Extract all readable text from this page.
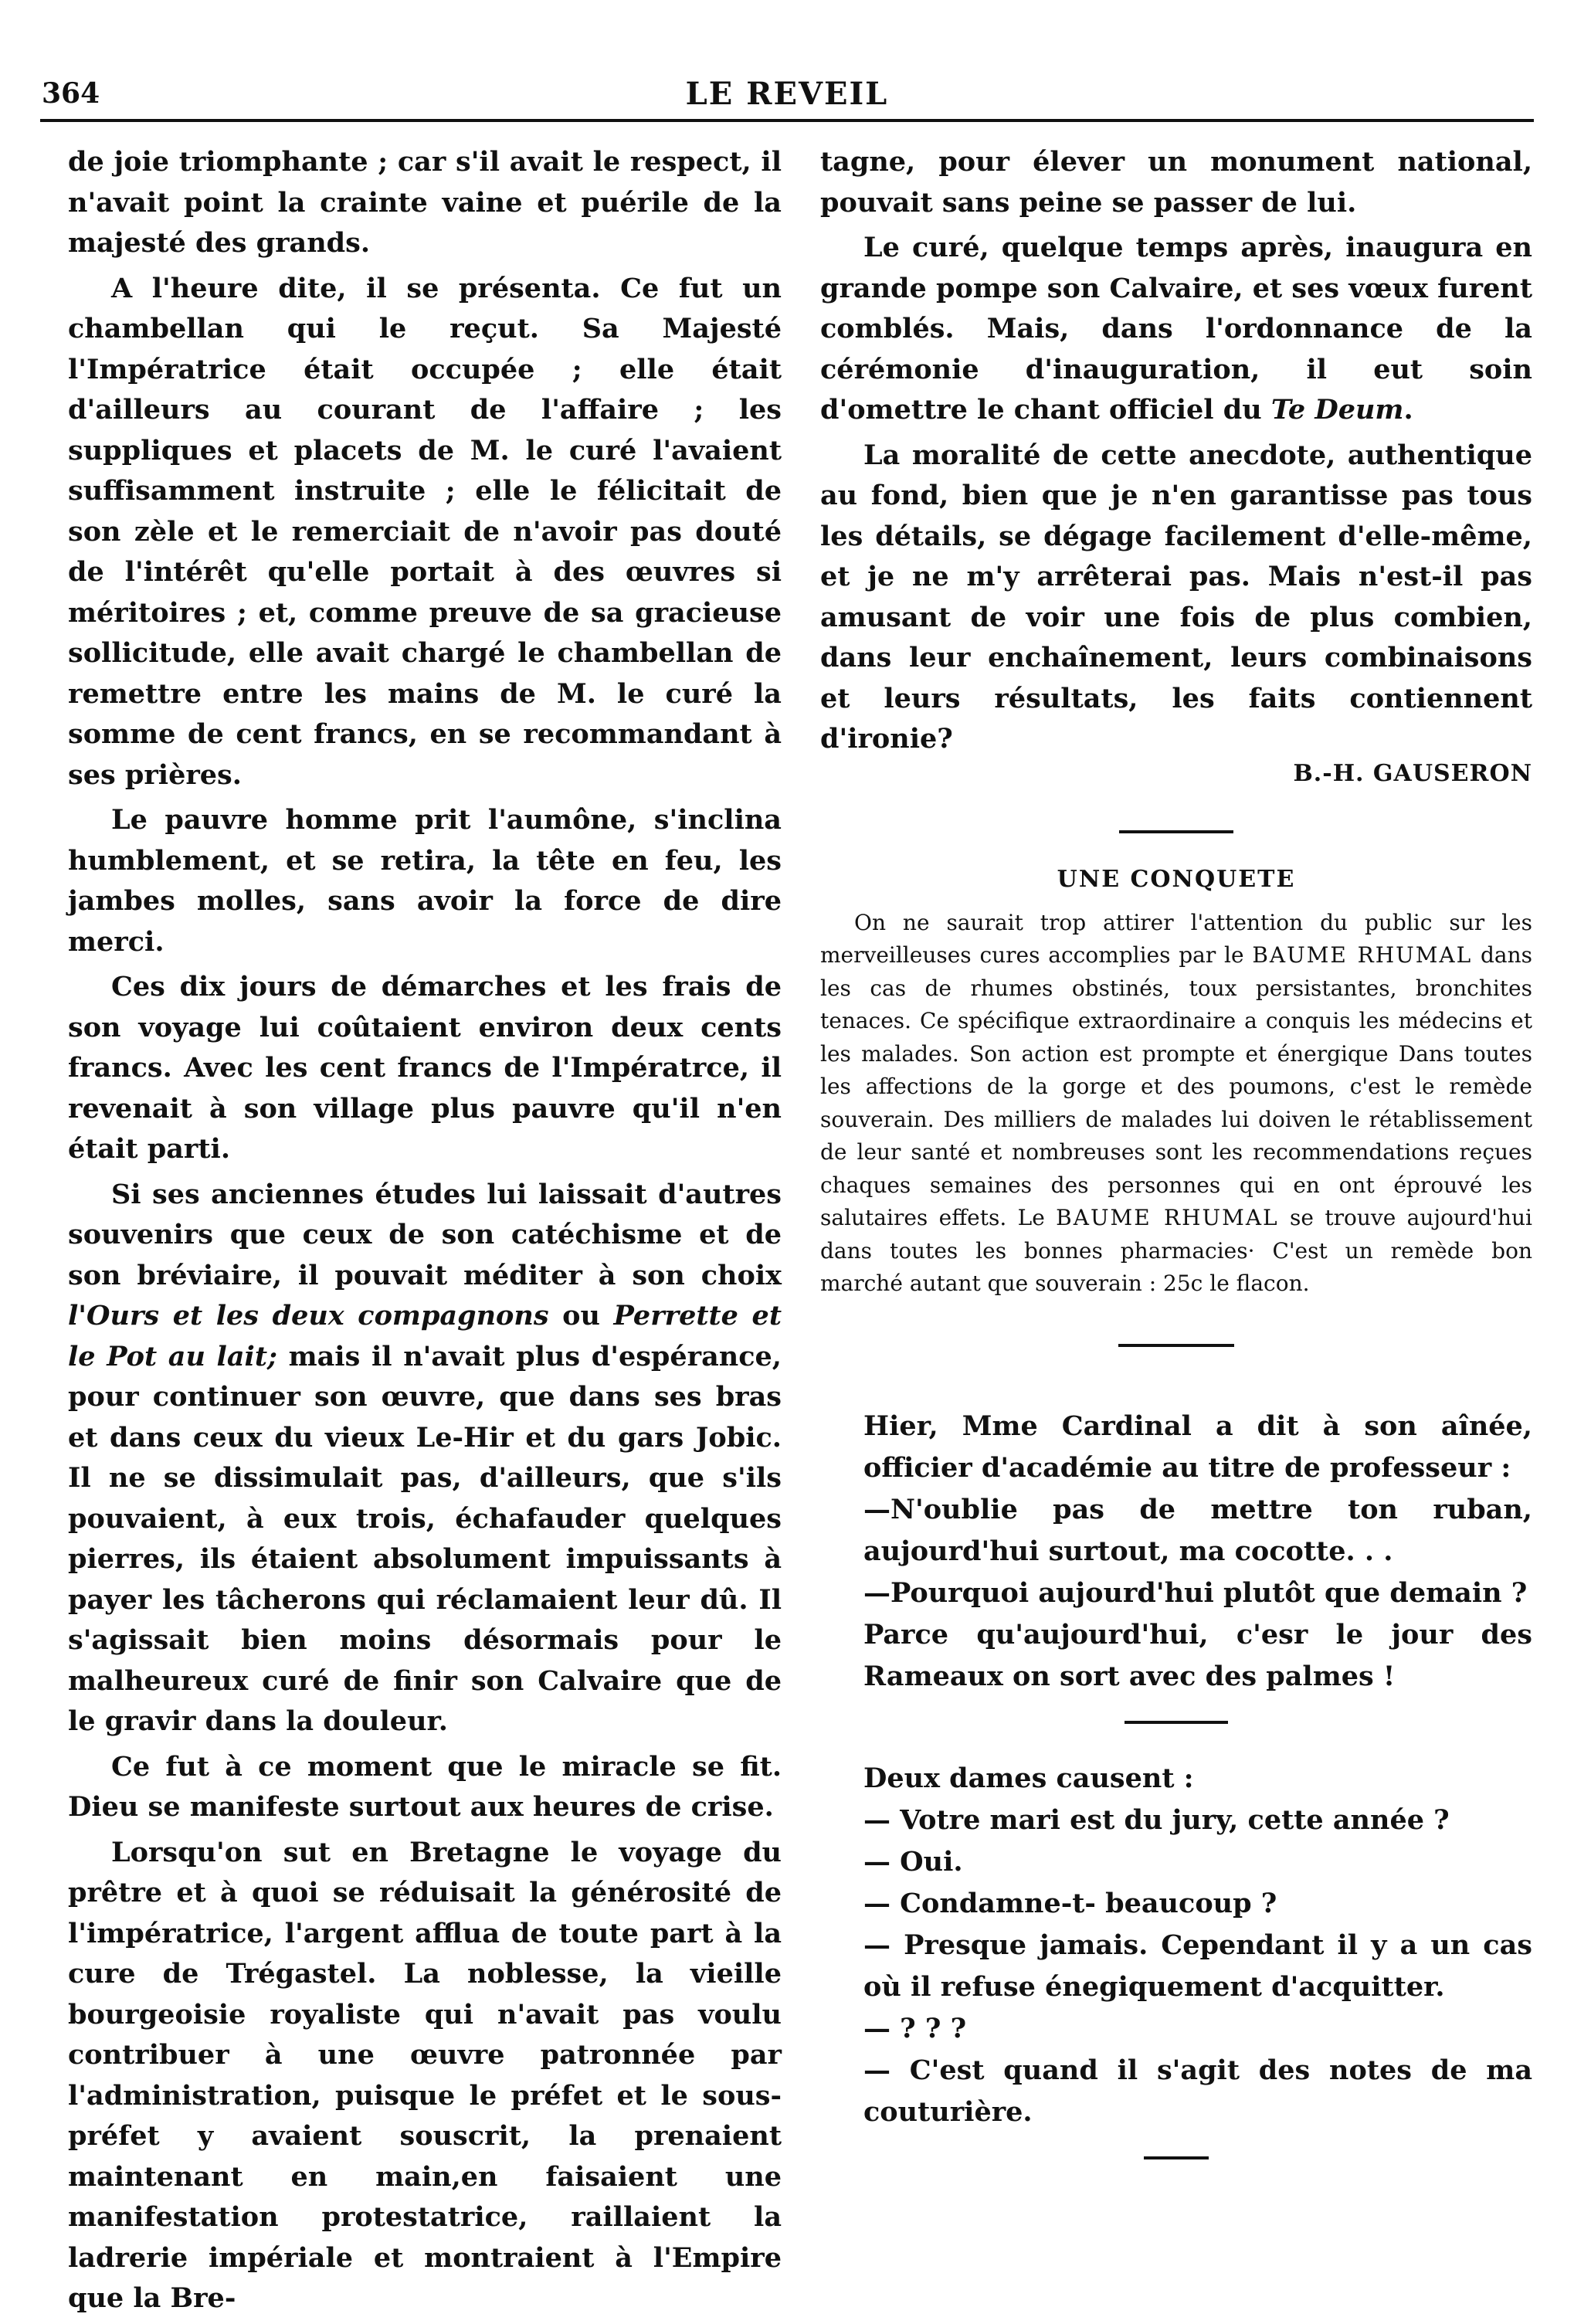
364	LE REVEIL

de joie triomphante ; car s'il avait le respect, il n'avait point la crainte vaine et puérile de la majesté des grands.

A l'heure dite, il se présenta. Ce fut un chambellan qui le reçut. Sa Majesté l'Impératrice était occupée ; elle était d'ailleurs au courant de l'affaire ; les suppliques et placets de M. le curé l'avaient suffisamment instruite ; elle le félicitait de son zèle et le remerciait de n'avoir pas douté de l'intérêt qu'elle portait à des œuvres si méritoires ; et, comme preuve de sa gracieuse sollicitude, elle avait chargé le chambellan de remettre entre les mains de M. le curé la somme de cent francs, en se recommandant à ses prières.

Le pauvre homme prit l'aumône, s'inclina humblement, et se retira, la tête en feu, les jambes molles, sans avoir la force de dire merci.

Ces dix jours de démarches et les frais de son voyage lui coûtaient environ deux cents francs. Avec les cent francs de l'Impératrce, il revenait à son village plus pauvre qu'il n'en était parti.

Si ses anciennes études lui laissait d'autres souvenirs que ceux de son catéchisme et de son bréviaire, il pouvait méditer à son choix l'Ours et les deux compagnons ou Perrette et le Pot au lait; mais il n'avait plus d'espérance, pour continuer son œuvre, que dans ses bras et dans ceux du vieux Le-Hir et du gars Jobic. Il ne se dissimulait pas, d'ailleurs, que s'ils pouvaient, à eux trois, échafauder quelques pierres, ils étaient absolument impuissants à payer les tâcherons qui réclamaient leur dû. Il s'agissait bien moins désormais pour le malheureux curé de finir son Calvaire que de le gravir dans la douleur.

Ce fut à ce moment que le miracle se fit. Dieu se manifeste surtout aux heures de crise.

Lorsqu'on sut en Bretagne le voyage du prêtre et à quoi se réduisait la générosité de l'impératrice, l'argent afflua de toute part à la cure de Trégastel. La noblesse, la vieille bourgeoisie royaliste qui n'avait pas voulu contribuer à une œuvre patronnée par l'administration, puisque le préfet et le sous-préfet y avaient souscrit, la prenaient maintenant en main,en faisaient une manifestation protestatrice, raillaient la ladrerie impériale et montraient à l'Empire que la Bre-

tagne, pour élever un monument national, pouvait sans peine se passer de lui.

Le curé, quelque temps après, inaugura en grande pompe son Calvaire, et ses vœux furent comblés. Mais, dans l'ordonnance de la cérémonie d'inauguration, il eut soin d'omettre le chant officiel du Te Deum.

La moralité de cette anecdote, authentique au fond, bien que je n'en garantisse pas tous les détails, se dégage facilement d'elle-même, et je ne m'y arrêterai pas. Mais n'est-il pas amusant de voir une fois de plus combien, dans leur enchaînement, leurs combinaisons et leurs résultats, les faits contiennent d'ironie?

B.-H. GAUSERON
UNE CONQUETE

On ne saurait trop attirer l'attention du public sur les merveilleuses cures accomplies par le BAUME RHUMAL dans les cas de rhumes obstinés, toux persistantes, bronchites tenaces. Ce spécifique extraordinaire a conquis les médecins et les malades. Son action est prompte et énergique Dans toutes les affections de la gorge et des poumons, c'est le remède souverain. Des milliers de malades lui doiven le rétablissement de leur santé et nombreuses sont les recommendations reçues chaques semaines des personnes qui en ont éprouvé les salutaires effets. Le BAUME RHUMAL se trouve aujourd'hui dans toutes les bonnes pharmacies· C'est un remède bon marché autant que souverain : 25c le flacon.

Hier, Mme Cardinal a dit à son aînée, officier d'académie au titre de professeur :
—N'oublie pas de mettre ton ruban, aujourd'hui surtout, ma cocotte. . .
—Pourquoi aujourd'hui plutôt que demain ?
Parce qu'aujourd'hui, c'esr le jour des Rameaux on sort avec des palmes !
Deux dames causent :
— Votre mari est du jury, cette année ?
— Oui.
— Condamne-t- beaucoup ?
— Presque jamais. Cependant il y a un cas où il refuse énegiquement d'acquitter.
— ? ? ?
— C'est quand il s'agit des notes de ma couturière.
